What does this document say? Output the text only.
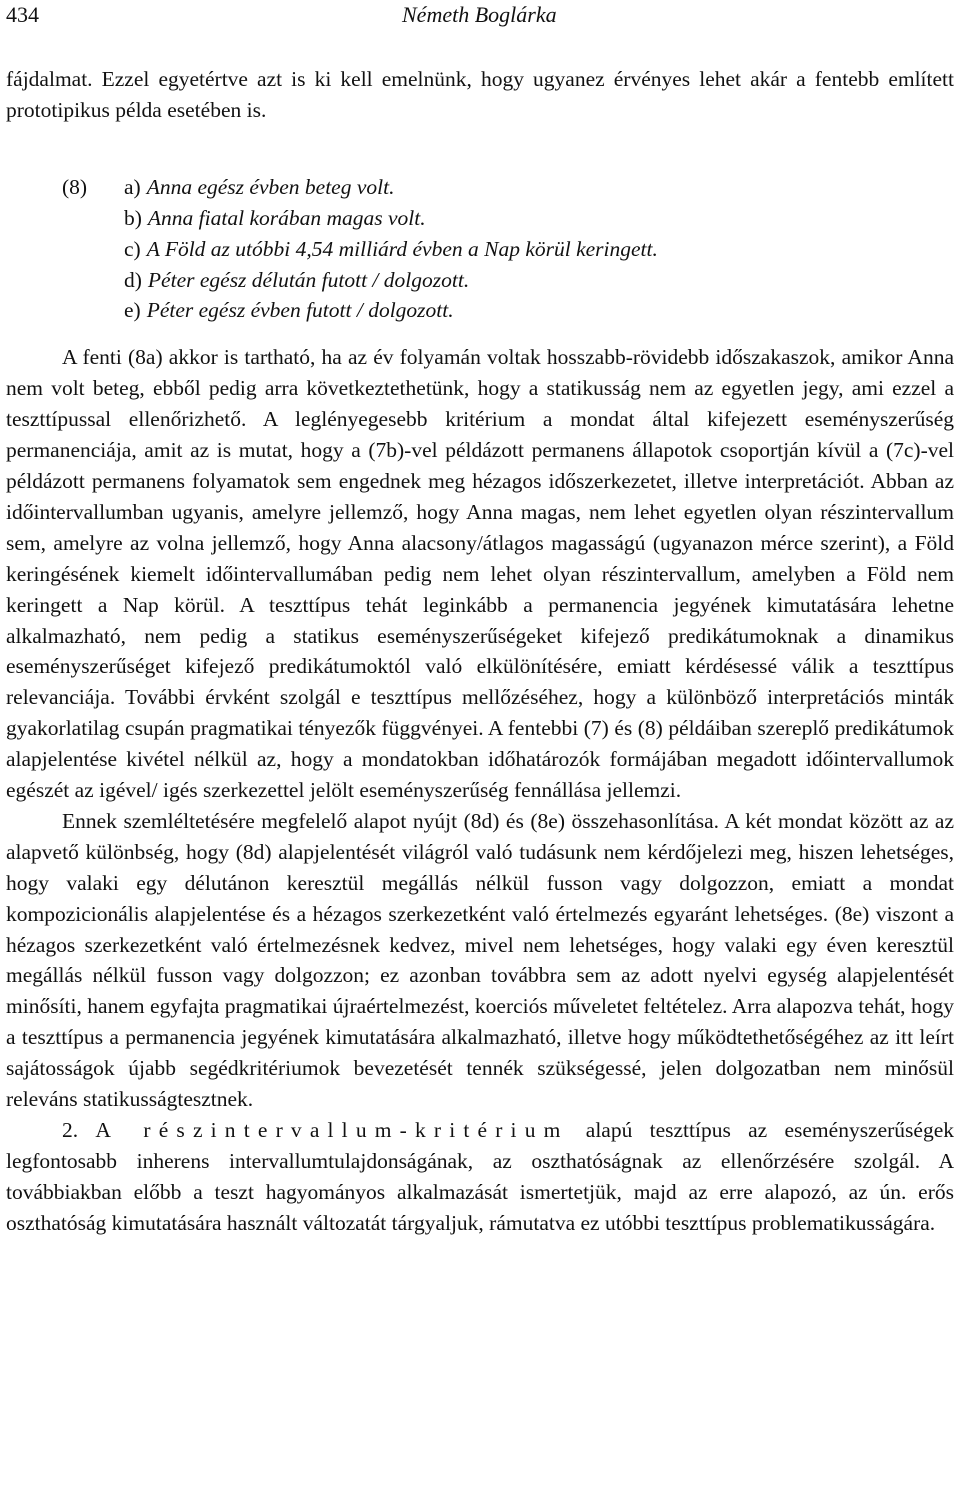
434	Németh Boglárka

fájdalmat. Ezzel egyetértve azt is ki kell emelnünk, hogy ugyanez érvényes lehet akár a fentebb említett prototipikus példa esetében is.

(8)	a) Anna egész évben beteg volt.
b) Anna fiatal korában magas volt.
c) A Föld az utóbbi 4,54 milliárd évben a Nap körül keringett.
d) Péter egész délután futott / dolgozott.
e) Péter egész évben futott / dolgozott.

A fenti (8a) akkor is tartható, ha az év folyamán voltak hosszabb-rövidebb időszakaszok, amikor Anna nem volt beteg, ebből pedig arra következtethetünk, hogy a statikusság nem az egyetlen jegy, ami ezzel a teszttípussal ellenőrizhető. A leglényegesebb kritérium a mondat által kifejezett eseményszerűség permanenciája, amit az is mutat, hogy a (7b)-vel példázott permanens állapotok csoportján kívül a (7c)-vel példázott permanens folyamatok sem engednek meg hézagos időszerkezetet, illetve interpretációt. Abban az időintervallumban ugyanis, amelyre jellemző, hogy Anna magas, nem lehet egyetlen olyan részintervallum sem, amelyre az volna jellemző, hogy Anna alacsony/átlagos magasságú (ugyanazon mérce szerint), a Föld keringésének kiemelt időintervallumában pedig nem lehet olyan részintervallum, amelyben a Föld nem keringett a Nap körül. A teszttípus tehát leginkább a permanencia jegyének kimutatására lehetne alkalmazható, nem pedig a statikus eseményszerűségeket kifejező predikátumoknak a dinamikus eseményszerűséget kifejező predikátumoktól való elkülönítésére, emiatt kérdésessé válik a teszttípus relevanciája. További érvként szolgál e teszttípus mellőzéséhez, hogy a különböző interpretációs minták gyakorlatilag csupán pragmatikai tényezők függvényei. A fentebbi (7) és (8) példáiban szereplő predikátumok alapjelentése kivétel nélkül az, hogy a mondatokban időhatározók formájában megadott időintervallumok egészét az igével/ igés szerkezettel jelölt eseményszerűség fennállása jellemzi.

Ennek szemléltetésére megfelelő alapot nyújt (8d) és (8e) összehasonlítása. A két mondat között az az alapvető különbség, hogy (8d) alapjelentését világról való tudásunk nem kérdőjelezi meg, hiszen lehetséges, hogy valaki egy délutánon keresztül megállás nélkül fusson vagy dolgozzon, emiatt a mondat kompozicionális alapjelentése és a hézagos szerkezetként való értelmezés egyaránt lehetséges. (8e) viszont a hézagos szerkezetként való értelmezésnek kedvez, mivel nem lehetséges, hogy valaki egy éven keresztül megállás nélkül fusson vagy dolgozzon; ez azonban továbbra sem az adott nyelvi egység alapjelentését minősíti, hanem egyfajta pragmatikai újraértelmezést, koerciós műveletet feltételez. Arra alapozva tehát, hogy a teszttípus a permanencia jegyének kimutatására alkalmazható, illetve hogy működtethetőségéhez az itt leírt sajátosságok újabb segédkritériumok bevezetését tennék szükségessé, jelen dolgozatban nem minősül releváns statikusságtesztnek.

2. A részintervallum-kritérium alapú teszttípus az eseményszerűségek legfontosabb inherens intervallumtulajdonságának, az oszthatóságnak az ellenőrzésére szolgál. A továbbiakban előbb a teszt hagyományos alkalmazását ismertetjük, majd az erre alapozó, az ún. erős oszthatóság kimutatására használt változatát tárgyaljuk, rámutatva ez utóbbi teszttípus problematikusságára.
